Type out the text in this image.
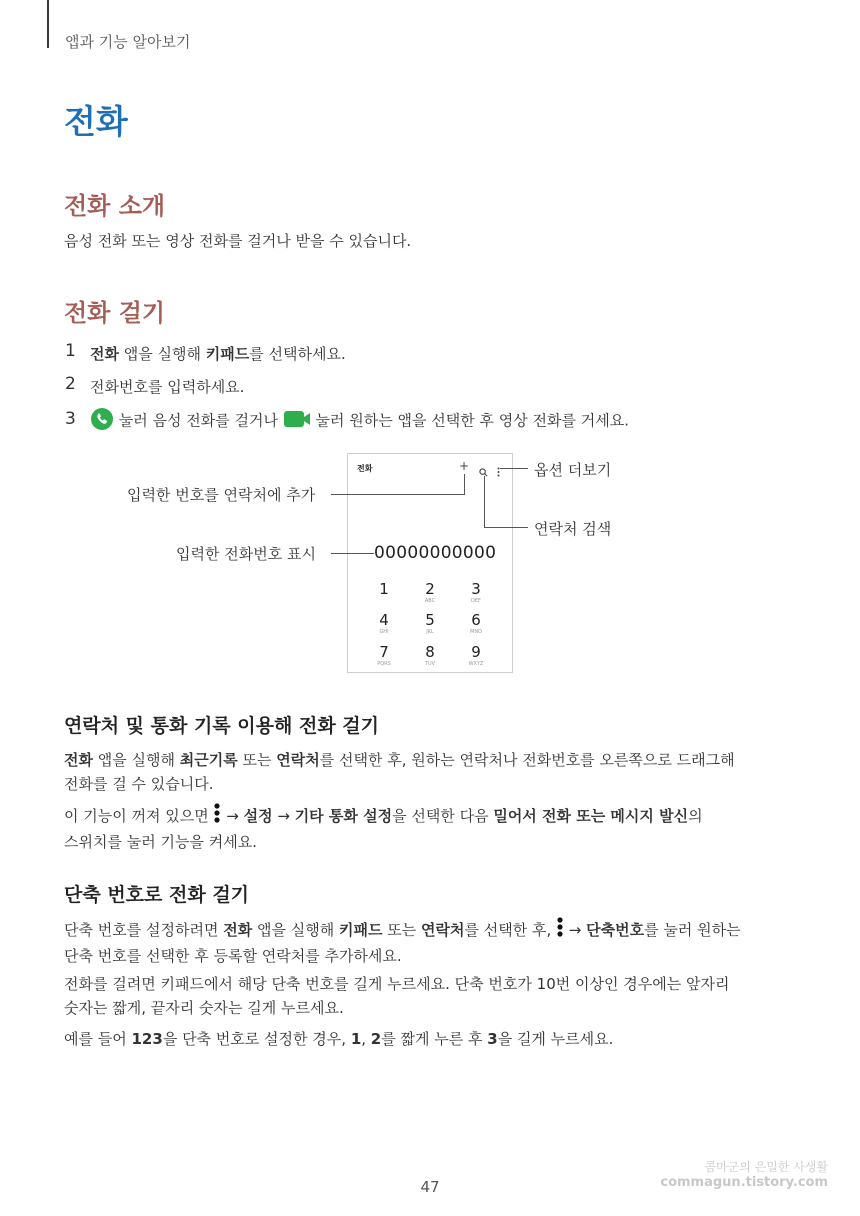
앱과 기능 알아보기
전화
전화 소개
음성 전화 또는 영상 전화를 걸거나 받을 수 있습니다.
전화 걸기
1 전화 앱을 실행해 키패드를 선택하세요.
2 전화번호를 입력하세요.
3	눌러 음성 전화를 걸거나  눌러 원하는 앱을 선택한 후 영상 전화를 거세요.
전화	+
00000000000
1	2
ABC
3
DEF
4
GHI
5
JKL
6
MNO
7
PQRS
8
TUV
9
WXYZ
입력한 번호를 연락처에 추가
입력한 전화번호 표시
옵션 더보기
연락처 검색
연락처 및 통화 기록 이용해 전화 걸기
전화 앱을 실행해 최근기록 또는 연락처를 선택한 후, 원하는 연락처나 전화번호를 오른쪽으로 드래그해
전화를 걸 수 있습니다.
이 기능이 꺼져 있으면  → 설정 → 기타 통화 설정을 선택한 다음 밀어서 전화 또는 메시지 발신의
스위치를 눌러 기능을 켜세요.
단축 번호로 전화 걸기
단축 번호를 설정하려면 전화 앱을 실행해 키패드 또는 연락처를 선택한 후,  → 단축번호를 눌러 원하는
단축 번호를 선택한 후 등록할 연락처를 추가하세요.
전화를 걸려면 키패드에서 해당 단축 번호를 길게 누르세요. 단축 번호가 10번 이상인 경우에는 앞자리
숫자는 짧게, 끝자리 숫자는 길게 누르세요.
예를 들어 123을 단축 번호로 설정한 경우, 1, 2를 짧게 누른 후 3을 길게 누르세요.
47
콤마군의 은밀한 사생활
commagun.tistory.com
